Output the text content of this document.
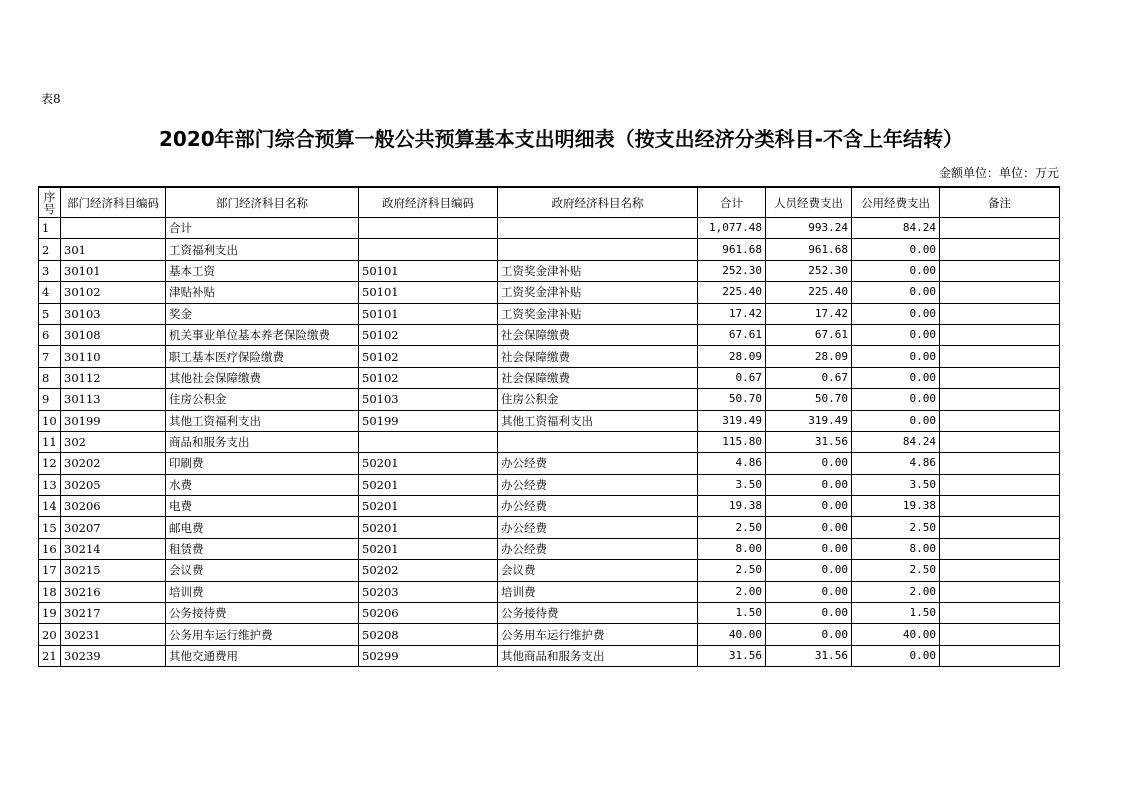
表8
2020年部门综合预算一般公共预算基本支出明细表（按支出经济分类科目-不含上年结转）
金额单位：单位：万元
序号	部门经济科目编码	部门经济科目名称	政府经济科目编码	政府经济科目名称	合计	人员经费支出	公用经费支出	备注
1		合计			1,077.48	993.24	84.24	
2	301	工资福利支出			961.68	961.68	0.00	
3	30101	基本工资	50101	工资奖金津补贴	252.30	252.30	0.00	
4	30102	津贴补贴	50101	工资奖金津补贴	225.40	225.40	0.00	
5	30103	奖金	50101	工资奖金津补贴	17.42	17.42	0.00	
6	30108	机关事业单位基本养老保险缴费	50102	社会保障缴费	67.61	67.61	0.00	
7	30110	职工基本医疗保险缴费	50102	社会保障缴费	28.09	28.09	0.00	
8	30112	其他社会保障缴费	50102	社会保障缴费	0.67	0.67	0.00	
9	30113	住房公积金	50103	住房公积金	50.70	50.70	0.00	
10	30199	其他工资福利支出	50199	其他工资福利支出	319.49	319.49	0.00	
11	302	商品和服务支出			115.80	31.56	84.24	
12	30202	印刷费	50201	办公经费	4.86	0.00	4.86	
13	30205	水费	50201	办公经费	3.50	0.00	3.50	
14	30206	电费	50201	办公经费	19.38	0.00	19.38	
15	30207	邮电费	50201	办公经费	2.50	0.00	2.50	
16	30214	租赁费	50201	办公经费	8.00	0.00	8.00	
17	30215	会议费	50202	会议费	2.50	0.00	2.50	
18	30216	培训费	50203	培训费	2.00	0.00	2.00	
19	30217	公务接待费	50206	公务接待费	1.50	0.00	1.50	
20	30231	公务用车运行维护费	50208	公务用车运行维护费	40.00	0.00	40.00	
21	30239	其他交通费用	50299	其他商品和服务支出	31.56	31.56	0.00	
